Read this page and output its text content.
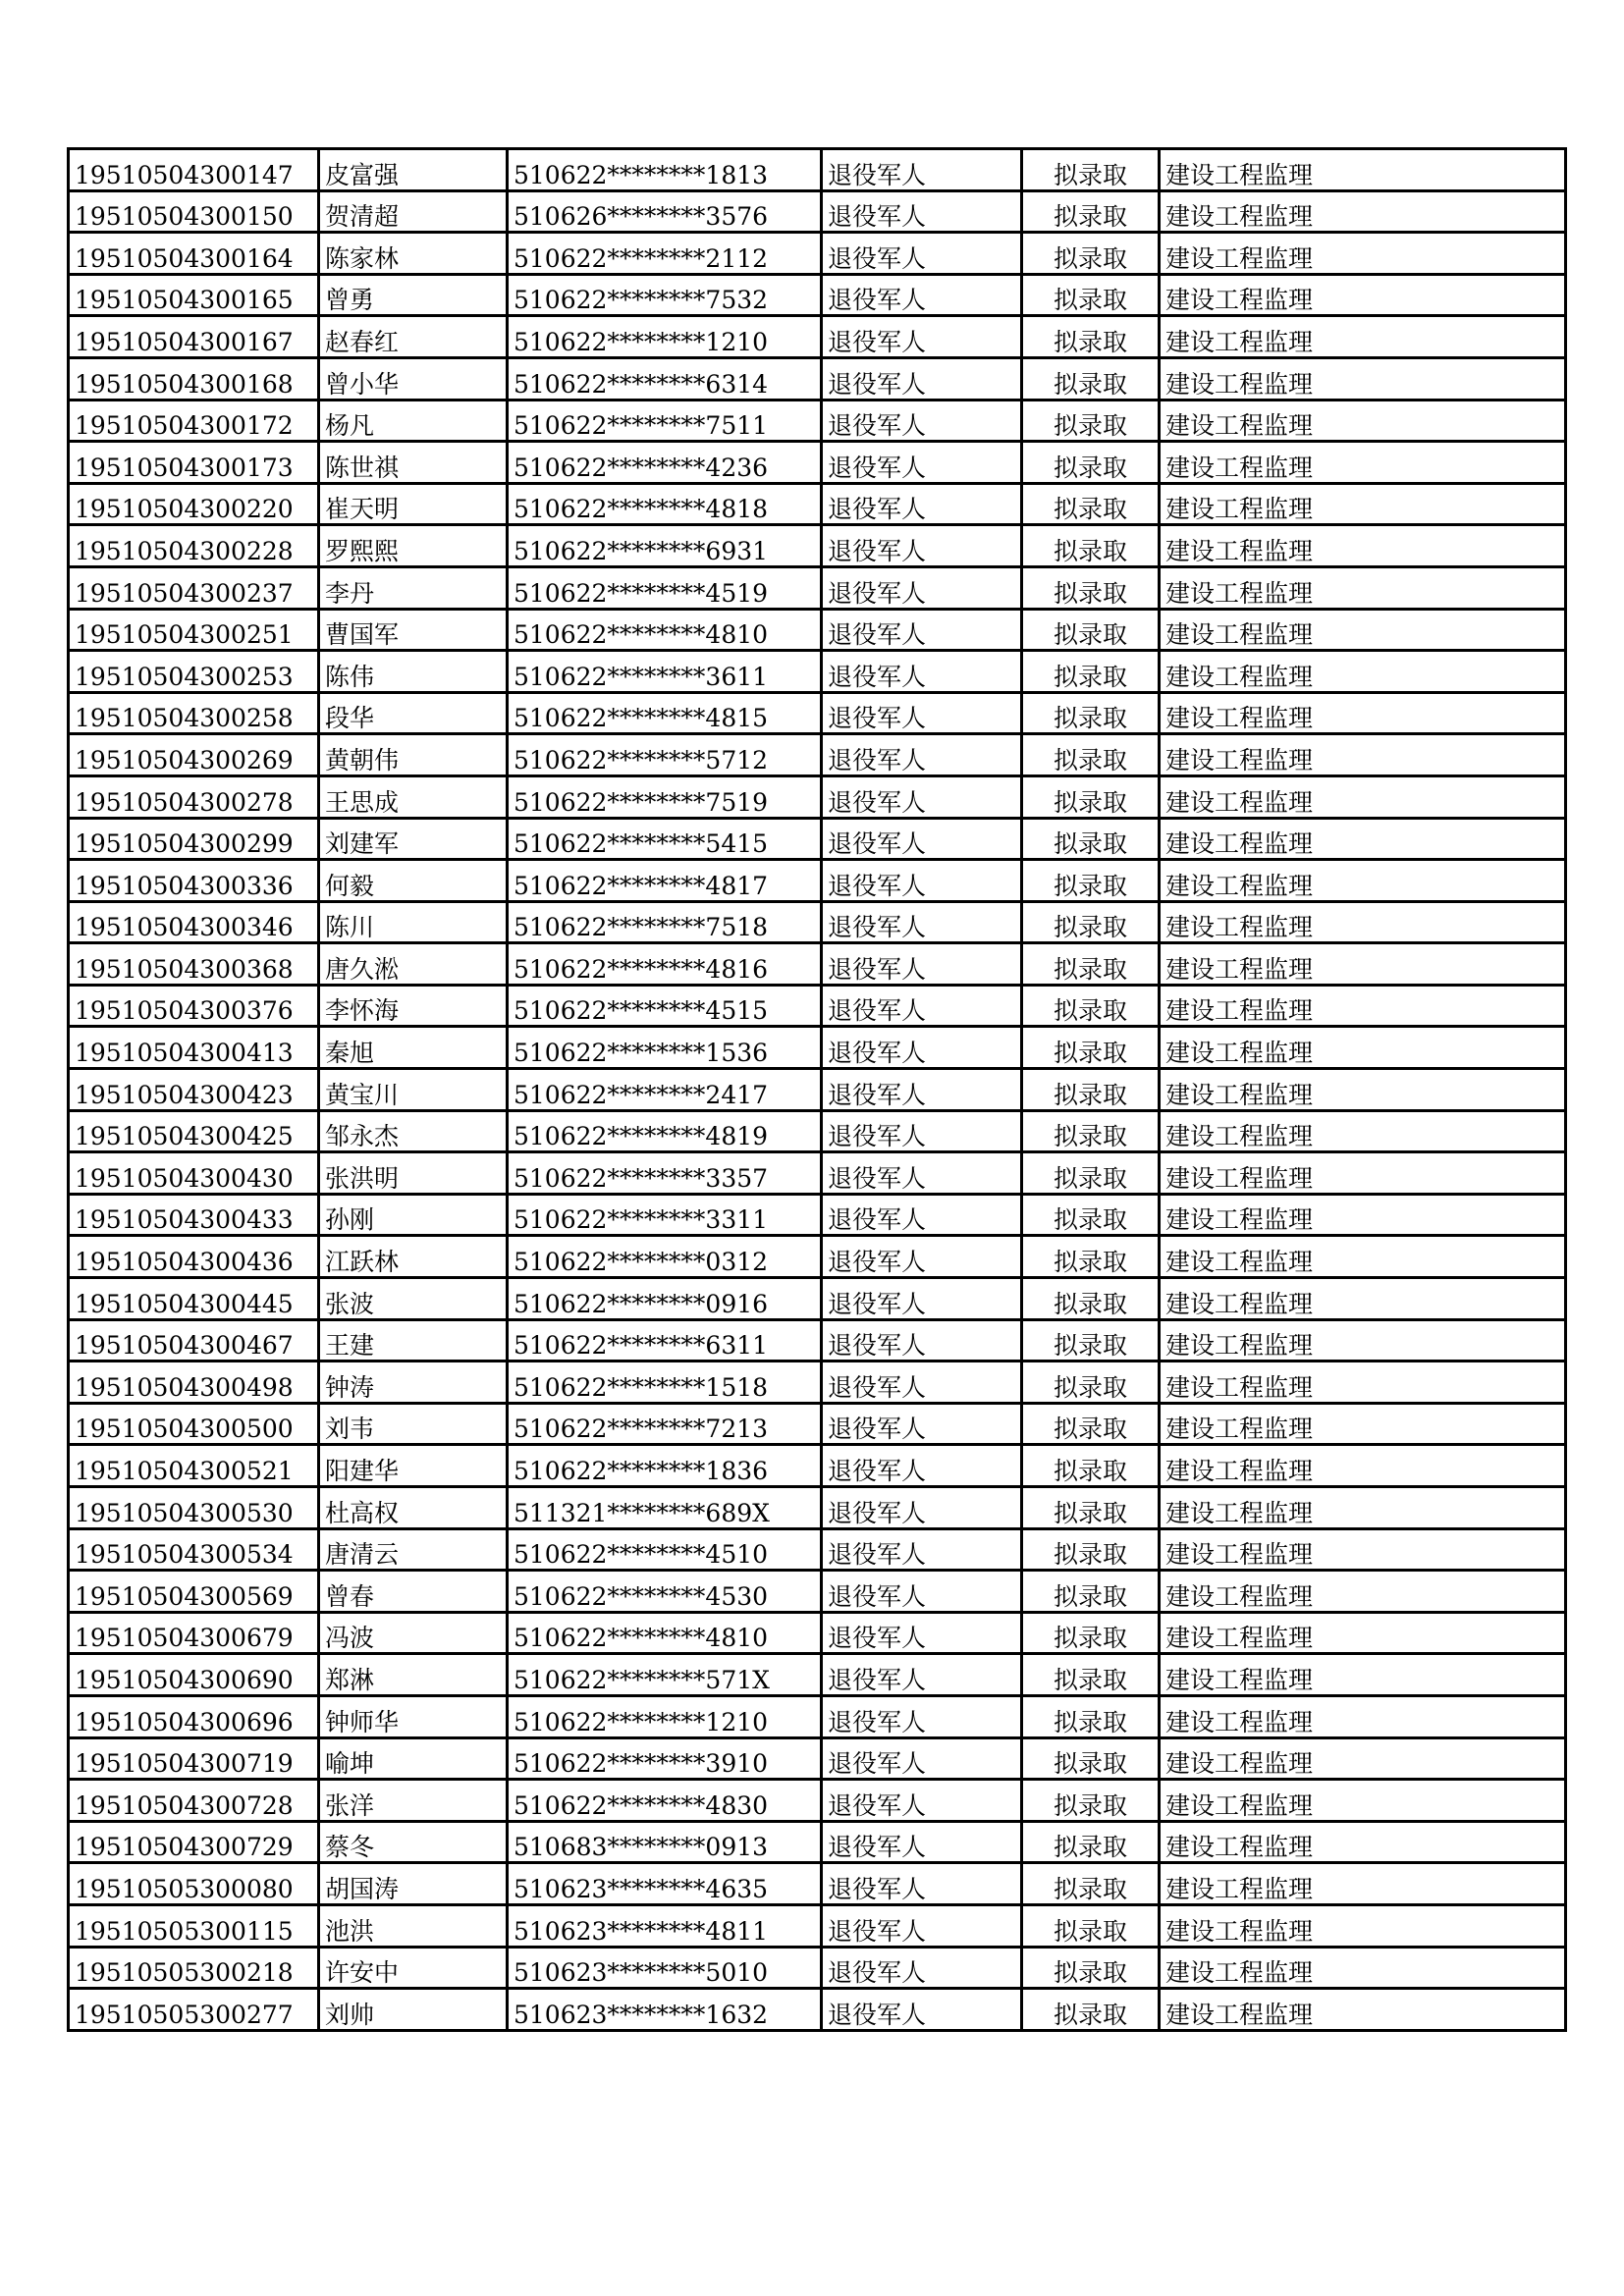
19510504300147	皮富强	510622********1813	退役军人	拟录取	建设工程监理
19510504300150	贺清超	510626********3576	退役军人	拟录取	建设工程监理
19510504300164	陈家林	510622********2112	退役军人	拟录取	建设工程监理
19510504300165	曾勇	510622********7532	退役军人	拟录取	建设工程监理
19510504300167	赵春红	510622********1210	退役军人	拟录取	建设工程监理
19510504300168	曾小华	510622********6314	退役军人	拟录取	建设工程监理
19510504300172	杨凡	510622********7511	退役军人	拟录取	建设工程监理
19510504300173	陈世祺	510622********4236	退役军人	拟录取	建设工程监理
19510504300220	崔天明	510622********4818	退役军人	拟录取	建设工程监理
19510504300228	罗熙熙	510622********6931	退役军人	拟录取	建设工程监理
19510504300237	李丹	510622********4519	退役军人	拟录取	建设工程监理
19510504300251	曹国军	510622********4810	退役军人	拟录取	建设工程监理
19510504300253	陈伟	510622********3611	退役军人	拟录取	建设工程监理
19510504300258	段华	510622********4815	退役军人	拟录取	建设工程监理
19510504300269	黄朝伟	510622********5712	退役军人	拟录取	建设工程监理
19510504300278	王思成	510622********7519	退役军人	拟录取	建设工程监理
19510504300299	刘建军	510622********5415	退役军人	拟录取	建设工程监理
19510504300336	何毅	510622********4817	退役军人	拟录取	建设工程监理
19510504300346	陈川	510622********7518	退役军人	拟录取	建设工程监理
19510504300368	唐久淞	510622********4816	退役军人	拟录取	建设工程监理
19510504300376	李怀海	510622********4515	退役军人	拟录取	建设工程监理
19510504300413	秦旭	510622********1536	退役军人	拟录取	建设工程监理
19510504300423	黄宝川	510622********2417	退役军人	拟录取	建设工程监理
19510504300425	邹永杰	510622********4819	退役军人	拟录取	建设工程监理
19510504300430	张洪明	510622********3357	退役军人	拟录取	建设工程监理
19510504300433	孙刚	510622********3311	退役军人	拟录取	建设工程监理
19510504300436	江跃林	510622********0312	退役军人	拟录取	建设工程监理
19510504300445	张波	510622********0916	退役军人	拟录取	建设工程监理
19510504300467	王建	510622********6311	退役军人	拟录取	建设工程监理
19510504300498	钟涛	510622********1518	退役军人	拟录取	建设工程监理
19510504300500	刘韦	510622********7213	退役军人	拟录取	建设工程监理
19510504300521	阳建华	510622********1836	退役军人	拟录取	建设工程监理
19510504300530	杜高权	511321********689X	退役军人	拟录取	建设工程监理
19510504300534	唐清云	510622********4510	退役军人	拟录取	建设工程监理
19510504300569	曾春	510622********4530	退役军人	拟录取	建设工程监理
19510504300679	冯波	510622********4810	退役军人	拟录取	建设工程监理
19510504300690	郑淋	510622********571X	退役军人	拟录取	建设工程监理
19510504300696	钟师华	510622********1210	退役军人	拟录取	建设工程监理
19510504300719	喻坤	510622********3910	退役军人	拟录取	建设工程监理
19510504300728	张洋	510622********4830	退役军人	拟录取	建设工程监理
19510504300729	蔡冬	510683********0913	退役军人	拟录取	建设工程监理
19510505300080	胡国涛	510623********4635	退役军人	拟录取	建设工程监理
19510505300115	池洪	510623********4811	退役军人	拟录取	建设工程监理
19510505300218	许安中	510623********5010	退役军人	拟录取	建设工程监理
19510505300277	刘帅	510623********1632	退役军人	拟录取	建设工程监理
